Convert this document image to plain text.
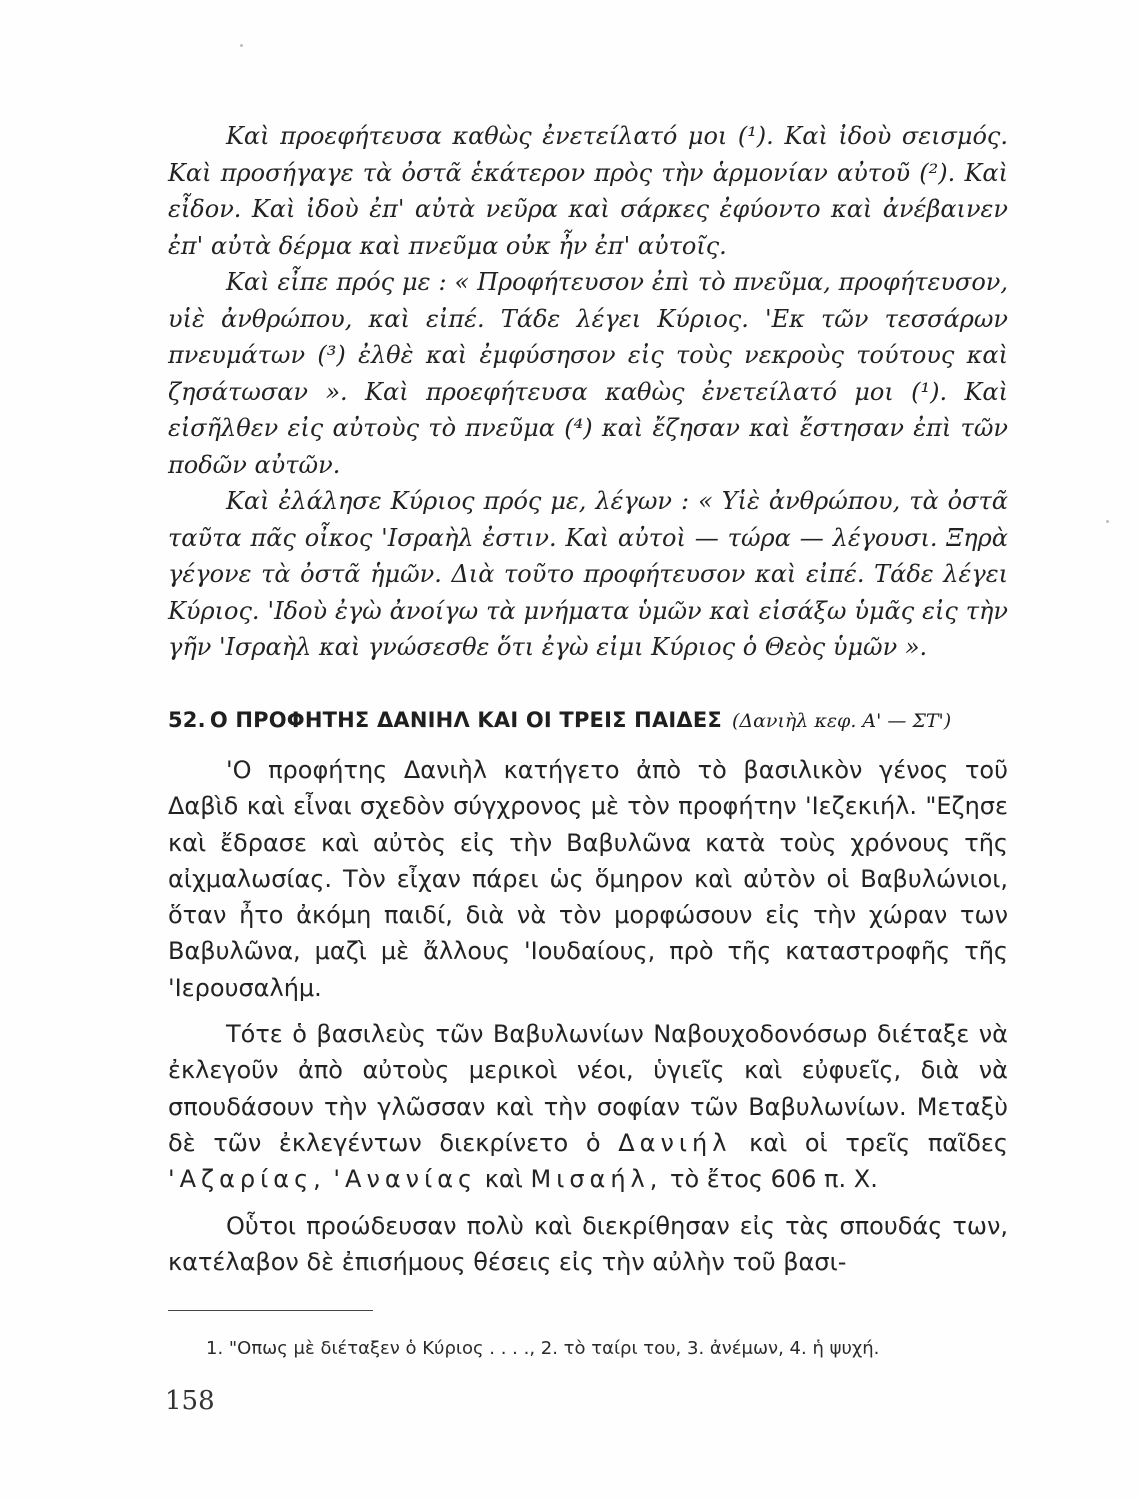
Καὶ προεφήτευσα καθὼς ἐνετείλατό μοι (¹). Καὶ ἰδοὺ σεισμός. Καὶ προσήγαγε τὰ ὀστᾶ ἑκάτερον πρὸς τὴν ἁρμονίαν αὐτοῦ (²). Καὶ εἶδον. Καὶ ἰδοὺ ἐπ' αὐτὰ νεῦρα καὶ σάρκες ἐφύοντο καὶ ἀνέβαινεν ἐπ' αὐτὰ δέρμα καὶ πνεῦμα οὐκ ἦν ἐπ' αὐτοῖς.

Καὶ εἶπε πρός με : « Προφήτευσον ἐπὶ τὸ πνεῦμα, προφήτευσον, υἱὲ ἀνθρώπου, καὶ εἰπέ. Τάδε λέγει Κύριος. 'Εκ τῶν τεσσάρων πνευμάτων (³) ἐλθὲ καὶ ἐμφύσησον εἰς τοὺς νεκροὺς τούτους καὶ ζησάτωσαν ». Καὶ προεφήτευσα καθὼς ἐνετείλατό μοι (¹). Καὶ εἰσῆλθεν εἰς αὐτοὺς τὸ πνεῦμα (⁴) καὶ ἔζησαν καὶ ἔστησαν ἐπὶ τῶν ποδῶν αὐτῶν.

Καὶ ἐλάλησε Κύριος πρός με, λέγων : « Υἱὲ ἀνθρώπου, τὰ ὀστᾶ ταῦτα πᾶς οἶκος 'Ισραὴλ ἐστιν. Καὶ αὐτοὶ — τώρα — λέγουσι. Ξηρὰ γέγονε τὰ ὀστᾶ ἡμῶν. Διὰ τοῦτο προφήτευσον καὶ εἰπέ. Τάδε λέγει Κύριος. 'Ιδοὺ ἐγὼ ἀνοίγω τὰ μνήματα ὑμῶν καὶ εἰσάξω ὑμᾶς εἰς τὴν γῆν 'Ισραὴλ καὶ γνώσεσθε ὅτι ἐγὼ εἰμι Κύριος ὁ Θεὸς ὑμῶν ».

52. Ο ΠΡΟΦΗΤΗΣ ΔΑΝΙΗΛ ΚΑΙ ΟΙ ΤΡΕΙΣ ΠΑΙΔΕΣ (Δανιὴλ κεφ. Α' — ΣΤ')

'Ο προφήτης Δανιὴλ κατήγετο ἀπὸ τὸ βασιλικὸν γένος τοῦ Δαβὶδ καὶ εἶναι σχεδὸν σύγχρονος μὲ τὸν προφήτην 'Ιεζεκιήλ. "Εζησε καὶ ἔδρασε καὶ αὐτὸς εἰς τὴν Βαβυλῶνα κατὰ τοὺς χρόνους τῆς αἰχμαλωσίας. Τὸν εἶχαν πάρει ὡς ὅμηρον καὶ αὐτὸν οἱ Βαβυλώνιοι, ὅταν ἦτο ἀκόμη παιδί, διὰ νὰ τὸν μορφώσουν εἰς τὴν χώραν των Βαβυλῶνα, μαζὶ μὲ ἄλλους 'Ιουδαίους, πρὸ τῆς καταστροφῆς τῆς 'Ιερουσαλήμ.

Τότε ὁ βασιλεὺς τῶν Βαβυλωνίων Ναβουχοδονόσωρ διέταξε νὰ ἐκλεγοῦν ἀπὸ αὐτοὺς μερικοὶ νέοι, ὑγιεῖς καὶ εὐφυεῖς, διὰ νὰ σπουδάσουν τὴν γλῶσσαν καὶ τὴν σοφίαν τῶν Βαβυλωνίων. Μεταξὺ δὲ τῶν ἐκλεγέντων διεκρίνετο ὁ Δανιήλ καὶ οἱ τρεῖς παῖδες 'Αζαρίας, 'Ανανίας καὶ Μισαήλ, τὸ ἔτος 606 π. Χ.

Οὗτοι προώδευσαν πολὺ καὶ διεκρίθησαν εἰς τὰς σπουδάς των, κατέλαβον δὲ ἐπισήμους θέσεις εἰς τὴν αὐλὴν τοῦ βασι-

1. "Οπως μὲ διέταξεν ὁ Κύριος . . . ., 2. τὸ ταίρι του, 3. ἀνέμων, 4. ἡ ψυχή.
158
